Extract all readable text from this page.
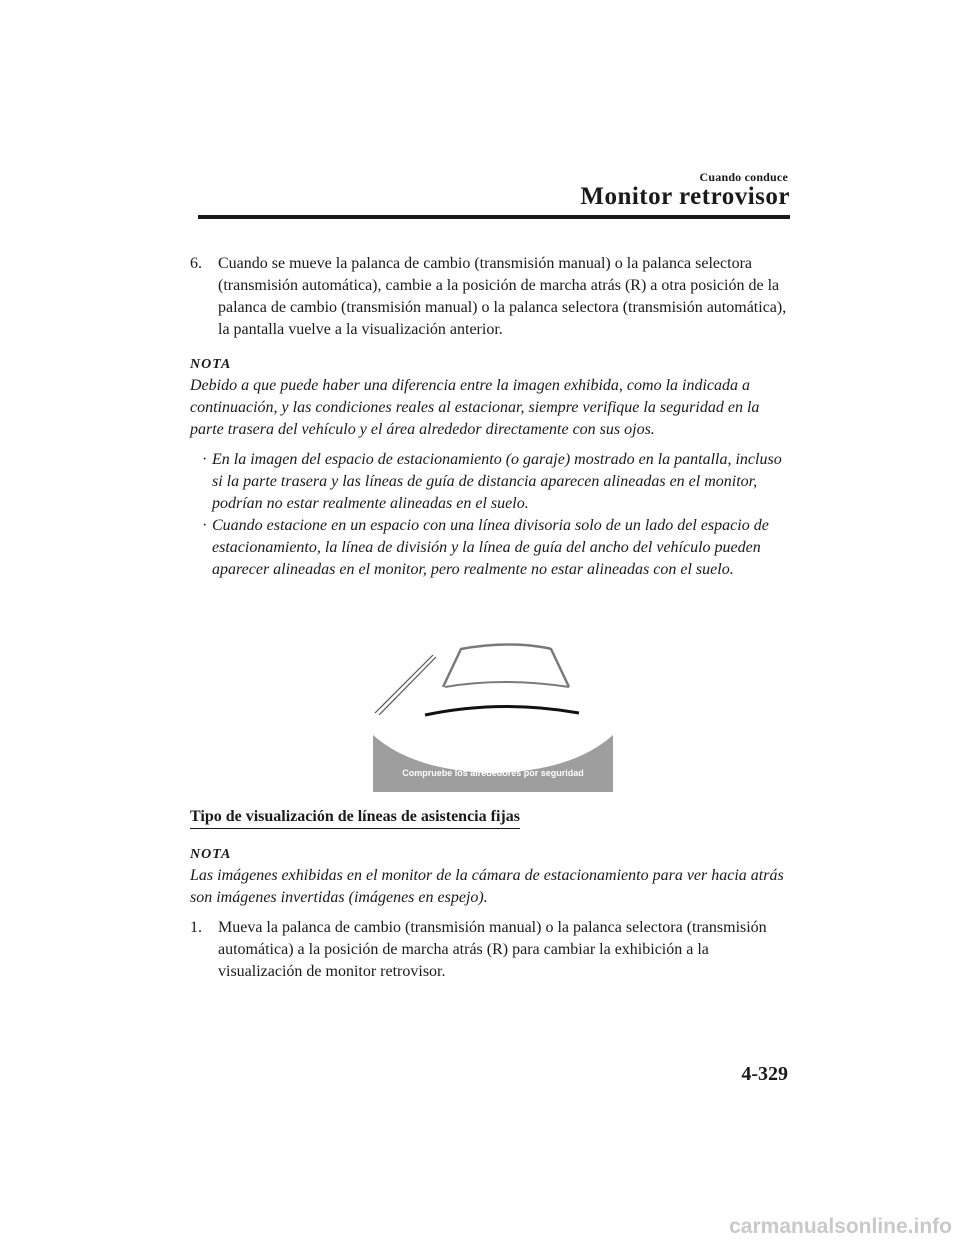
Cuando conduce
Monitor retrovisor
6.	Cuando se mueve la palanca de cambio (transmisión manual) o la palanca selectora (transmisión automática), cambie a la posición de marcha atrás (R) a otra posición de la palanca de cambio (transmisión manual) o la palanca selectora (transmisión automática), la pantalla vuelve a la visualización anterior.

NOTA

Debido a que puede haber una diferencia entre la imagen exhibida, como la indicada a continuación, y las condiciones reales al estacionar, siempre verifique la seguridad en la parte trasera del vehículo y el área alrededor directamente con sus ojos.

· En la imagen del espacio de estacionamiento (o garaje) mostrado en la pantalla, incluso si la parte trasera y las líneas de guía de distancia aparecen alineadas en el monitor, podrían no estar realmente alineadas en el suelo.
· Cuando estacione en un espacio con una línea divisoria solo de un lado del espacio de estacionamiento, la línea de división y la línea de guía del ancho del vehículo pueden aparecer alineadas en el monitor, pero realmente no estar alineadas con el suelo.
Compruebe los alrededores por seguridad
Tipo de visualización de líneas de asistencia fijas

NOTA

Las imágenes exhibidas en el monitor de la cámara de estacionamiento para ver hacia atrás son imágenes invertidas (imágenes en espejo).

1.	Mueva la palanca de cambio (transmisión manual) o la palanca selectora (transmisión automática) a la posición de marcha atrás (R) para cambiar la exhibición a la visualización de monitor retrovisor.
4-329
carmanualsonline.info
